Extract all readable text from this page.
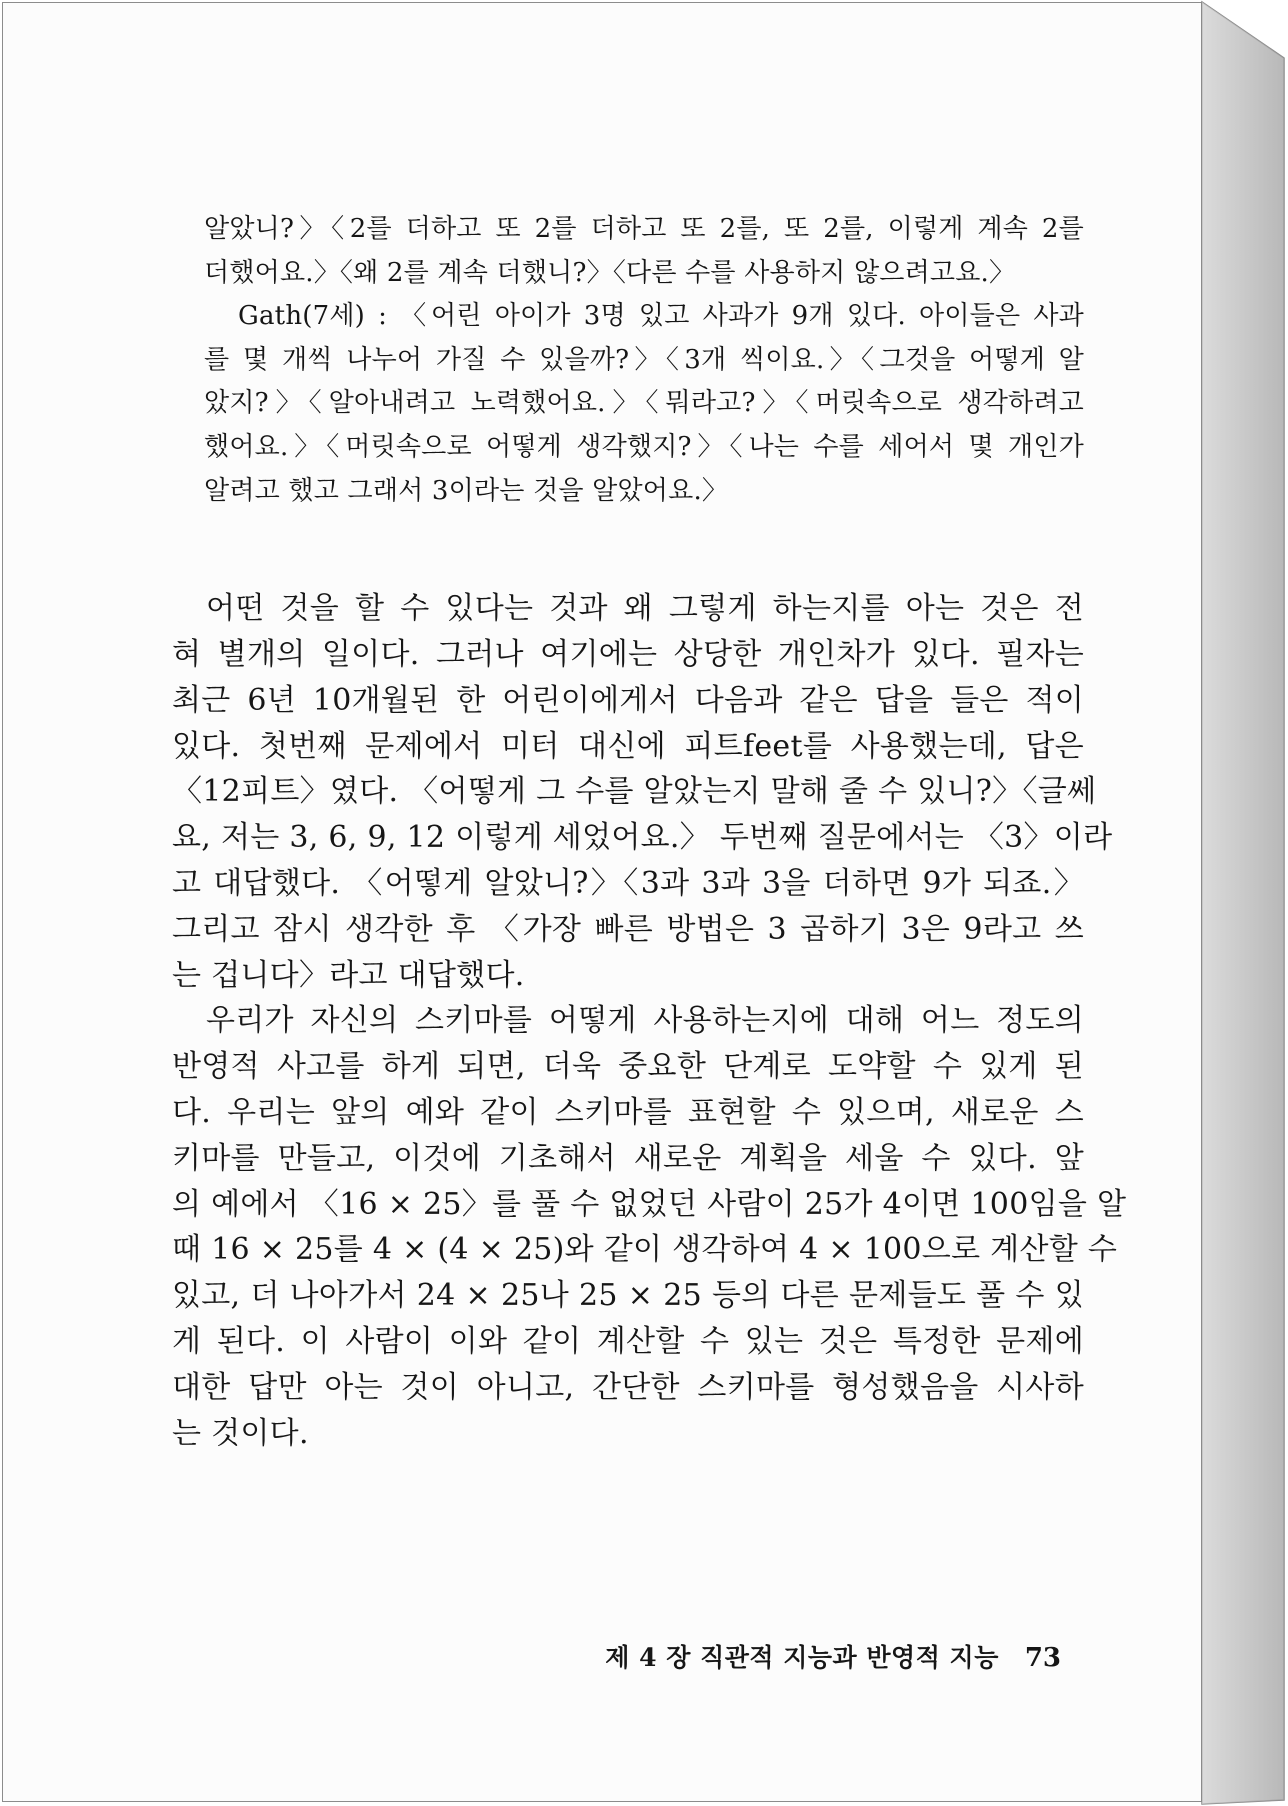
알았니?〉〈2를 더하고 또 2를 더하고 또 2를, 또 2를, 이렇게 계속 2를
더했어요.〉〈왜 2를 계속 더했니?〉〈다른 수를 사용하지 않으려고요.〉
Gath(7세) : 〈어린 아이가 3명 있고 사과가 9개 있다. 아이들은 사과
를 몇 개씩 나누어 가질 수 있을까?〉〈3개 씩이요.〉〈그것을 어떻게 알
았지?〉〈알아내려고 노력했어요.〉〈뭐라고?〉〈머릿속으로 생각하려고
했어요.〉〈머릿속으로 어떻게 생각했지?〉〈나는 수를 세어서 몇 개인가
알려고 했고 그래서 3이라는 것을 알았어요.〉
어떤 것을 할 수 있다는 것과 왜 그렇게 하는지를 아는 것은 전
혀 별개의 일이다. 그러나 여기에는 상당한 개인차가 있다. 필자는
최근 6년 10개월된 한 어린이에게서 다음과 같은 답을 들은 적이
있다. 첫번째 문제에서 미터 대신에 피트feet를 사용했는데, 답은
〈12피트〉였다. 〈어떻게 그 수를 알았는지 말해 줄 수 있니?〉〈글쎄
요, 저는 3, 6, 9, 12 이렇게 세었어요.〉 두번째 질문에서는 〈3〉이라
고 대답했다. 〈어떻게 알았니?〉〈3과 3과 3을 더하면 9가 되죠.〉
그리고 잠시 생각한 후 〈가장 빠른 방법은 3 곱하기 3은 9라고 쓰
는 겁니다〉라고 대답했다.
우리가 자신의 스키마를 어떻게 사용하는지에 대해 어느 정도의
반영적 사고를 하게 되면, 더욱 중요한 단계로 도약할 수 있게 된
다. 우리는 앞의 예와 같이 스키마를 표현할 수 있으며, 새로운 스
키마를 만들고, 이것에 기초해서 새로운 계획을 세울 수 있다. 앞
의 예에서 〈16 × 25〉를 풀 수 없었던 사람이 25가 4이면 100임을 알
때 16 × 25를 4 × (4 × 25)와 같이 생각하여 4 × 100으로 계산할 수
있고, 더 나아가서 24 × 25나 25 × 25 등의 다른 문제들도 풀 수 있
게 된다. 이 사람이 이와 같이 계산할 수 있는 것은 특정한 문제에
대한 답만 아는 것이 아니고, 간단한 스키마를 형성했음을 시사하
는 것이다.
제 4 장 직관적 지능과 반영적 지능 73
